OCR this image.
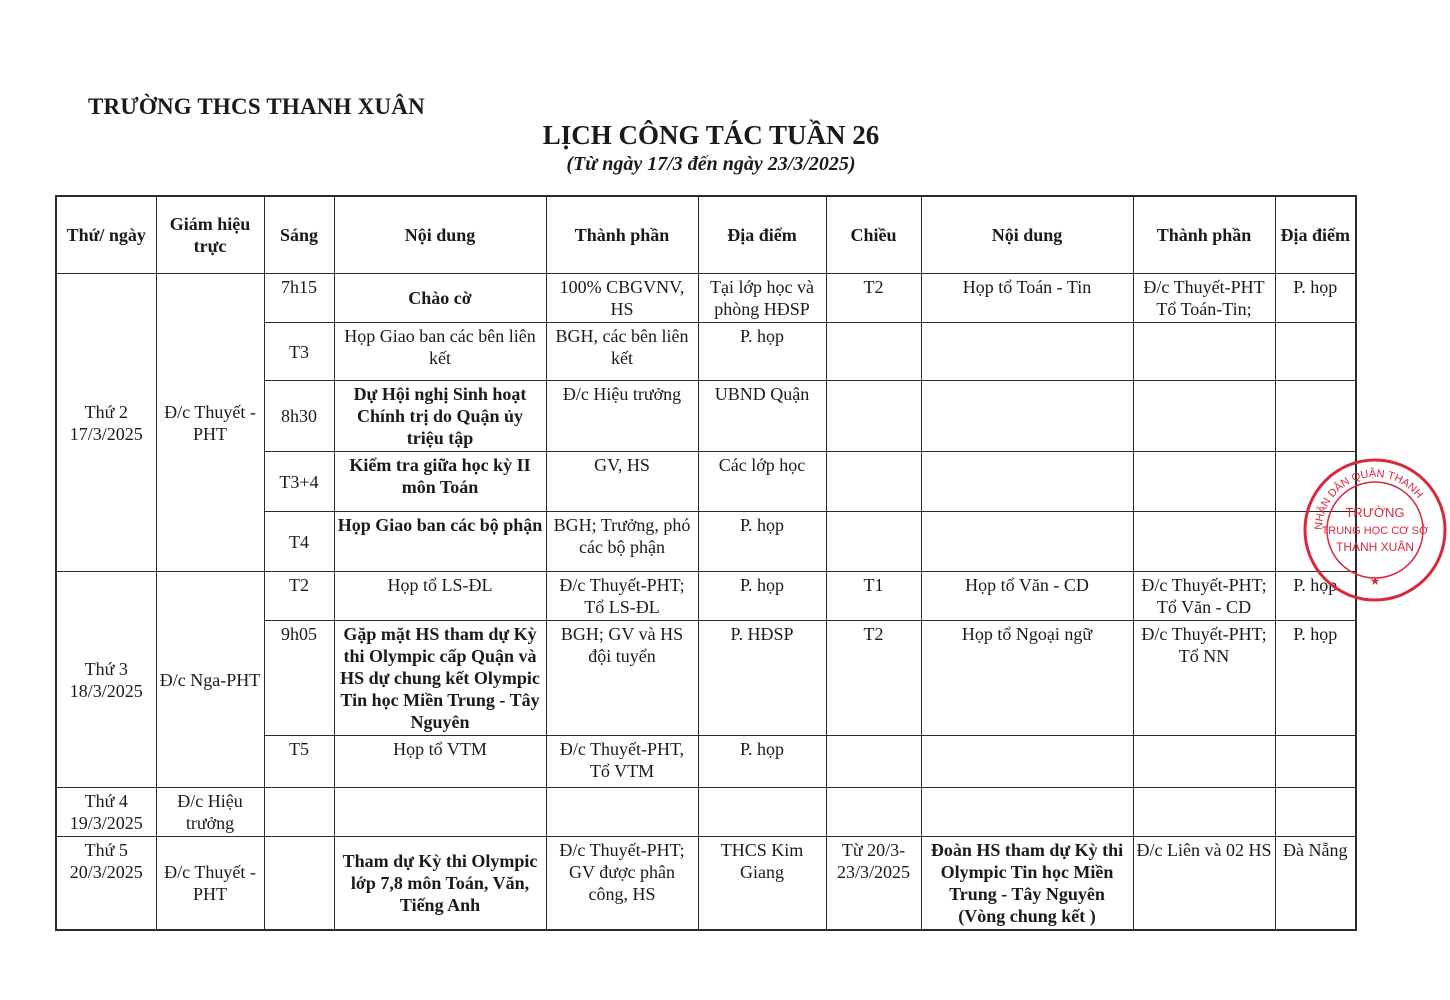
TRƯỜNG THCS THANH XUÂN
LỊCH CÔNG TÁC TUẦN 26
(Từ ngày 17/3 đến ngày 23/3/2025)
Thứ/ ngày	Giám hiệu trực	Sáng	Nội dung	Thành phần	Địa điểm	Chiều	Nội dung	Thành phần	Địa điểm
Thứ 2
17/3/2025	Đ/c Thuyết -PHT	7h15	Chào cờ	100% CBGVNV, HS	Tại lớp học và phòng HĐSP	T2	Họp tổ Toán - Tin	Đ/c Thuyết-PHT Tổ Toán-Tin;	P. họp
		T3	Họp Giao ban các bên liên kết	BGH, các bên liên kết	P. họp				
		8h30	Dự Hội nghị Sinh hoạt Chính trị do Quận ủy triệu tập	Đ/c Hiệu trưởng	UBND Quận				
		T3+4	Kiểm tra giữa học kỳ II môn Toán	GV, HS	Các lớp học				
		T4	Họp Giao ban các bộ phận	BGH; Trưởng, phó các bộ phận	P. họp				
Thứ 3
18/3/2025	Đ/c Nga-PHT	T2	Họp tổ LS-ĐL	Đ/c Thuyết-PHT; Tổ LS-ĐL	P. họp	T1	Họp tổ Văn - CD	Đ/c Thuyết-PHT; Tổ Văn - CD	P. họp
		9h05	Gặp mặt HS tham dự Kỳ thi Olympic cấp Quận và HS dự chung kết Olympic Tin học Miền Trung - Tây Nguyên	BGH; GV và HS đội tuyển	P. HĐSP	T2	Họp tổ Ngoại ngữ	Đ/c Thuyết-PHT; Tổ NN	P. họp
		T5	Họp tổ VTM	Đ/c Thuyết-PHT, Tổ VTM	P. họp				
Thứ 4
19/3/2025	Đ/c Hiệu trưởng								
Thứ 5
20/3/2025	Đ/c Thuyết - PHT		Tham dự Kỳ thi Olympic lớp 7,8 môn Toán, Văn, Tiếng Anh	Đ/c Thuyết-PHT; GV được phân công, HS	THCS Kim Giang	Từ 20/3-23/3/2025	Đoàn HS tham dự Kỳ thi Olympic Tin học Miền Trung - Tây Nguyên (Vòng chung kết )	Đ/c Liên và 02 HS	Đà Nẵng
NHÂN DÂN QUẬN THANH
TRƯỜNG
TRUNG HỌC CƠ SỞ
THANH XUÂN
★
